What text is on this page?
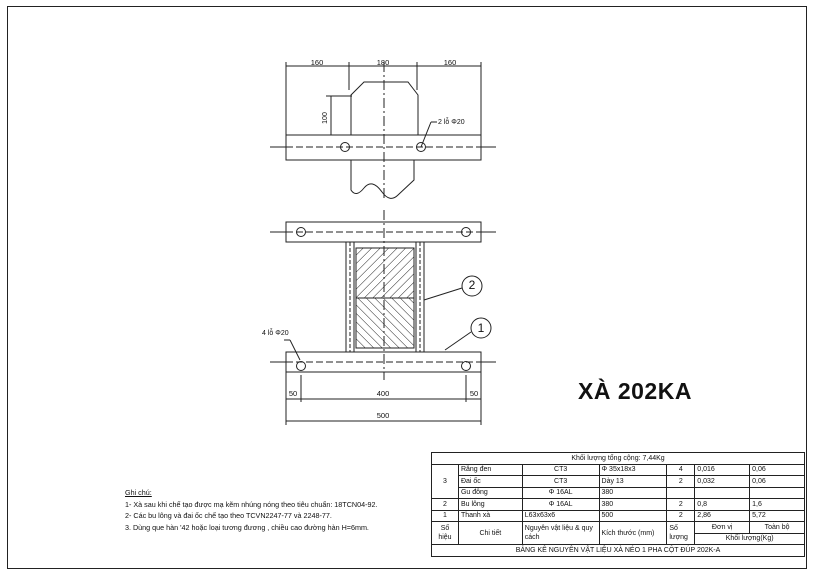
160	180	160
100	2 lỗ Φ20
2
1
4 lỗ Φ20
50	400	50
500
XÀ 202KA
Ghi chú:
1- Xà sau khi chế tạo được mạ kẽm nhúng nóng theo tiêu chuẩn: 18TCN04-92.
2- Các bu lông và đai ốc chế tạo theo TCVN2247-77 và 2248-77.
3. Dùng que hàn '42 hoặc loại tương đương , chiều cao đường hàn H=6mm.
Khối lượng tổng cộng: 7,44Kg						
3	Răng đen	CT3	Φ 35x18x3	4	0,016	0,06
	Đai ốc	CT3	Dày 13	2	0,032	0,06
	Gu đông	Φ 16AL	380			
2	Bu lông	Φ 16AL	380	2	0,8	1,6
1	Thanh xà	L63x63x6	500	2	2,86	5,72
Số hiệu	Chi tiết	Nguyên vật liệu & quy cách	Kích thước (mm)	Số lượng	Đơn vị	Toàn bộ
					Khối lượng(Kg)	
BẢNG KÊ NGUYÊN VẬT LIỆU XÀ NÉO 1 PHA CỘT ĐÚP 202K-A						
